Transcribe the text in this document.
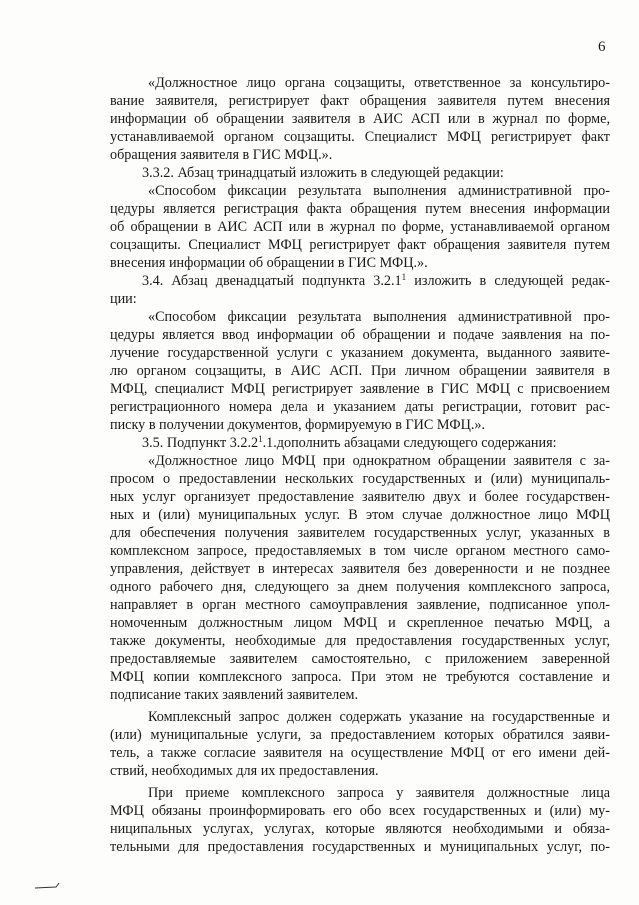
6
«Должностное лицо органа соцзащиты, ответственное за консультиро-
вание заявителя, регистрирует факт обращения заявителя путем внесения
информации об обращении заявителя в АИС АСП или в журнал по форме,
устанавливаемой органом соцзащиты. Специалист МФЦ регистрирует факт
обращения заявителя в ГИС МФЦ.».
3.3.2. Абзац тринадцатый изложить в следующей редакции:
«Способом фиксации результата выполнения административной про-
цедуры является регистрация факта обращения путем внесения информации
об обращении в АИС АСП или в журнал по форме, устанавливаемой органом
соцзащиты. Специалист МФЦ регистрирует факт обращения заявителя путем
внесения информации об обращении в ГИС МФЦ.».
3.4. Абзац двенадцатый подпункта 3.2.1$^1$ изложить в следующей редак-
ции:
«Способом фиксации результата выполнения административной про-
цедуры является ввод информации об обращении и подаче заявления на по-
лучение государственной услуги с указанием документа, выданного заявите-
лю органом соцзащиты, в АИС АСП. При личном обращении заявителя в
МФЦ, специалист МФЦ регистрирует заявление в ГИС МФЦ с присвоением
регистрационного номера дела и указанием даты регистрации, готовит рас-
писку в получении документов, формируемую в ГИС МФЦ.».
3.5. Подпункт 3.2.2$^1$.1.дополнить абзацами следующего содержания:
«Должностное лицо МФЦ при однократном обращении заявителя с за-
просом о предоставлении нескольких государственных и (или) муниципаль-
ных услуг организует предоставление заявителю двух и более государствен-
ных и (или) муниципальных услуг. В этом случае должностное лицо МФЦ
для обеспечения получения заявителем государственных услуг, указанных в
комплексном запросе, предоставляемых в том числе органом местного само-
управления, действует в интересах заявителя без доверенности и не позднее
одного рабочего дня, следующего за днем получения комплексного запроса,
направляет в орган местного самоуправления заявление, подписанное упол-
номоченным должностным лицом МФЦ и скрепленное печатью МФЦ, а
также документы, необходимые для предоставления государственных услуг,
предоставляемые заявителем самостоятельно, с приложением заверенной
МФЦ копии комплексного запроса. При этом не требуются составление и
подписание таких заявлений заявителем.
Комплексный запрос должен содержать указание на государственные и
(или) муниципальные услуги, за предоставлением которых обратился заяви-
тель, а также согласие заявителя на осуществление МФЦ от его имени дей-
ствий, необходимых для их предоставления.
При приеме комплексного запроса у заявителя должностные лица
МФЦ обязаны проинформировать его обо всех государственных и (или) му-
ниципальных услугах, услугах, которые являются необходимыми и обяза-
тельными для предоставления государственных и муниципальных услуг, по-
